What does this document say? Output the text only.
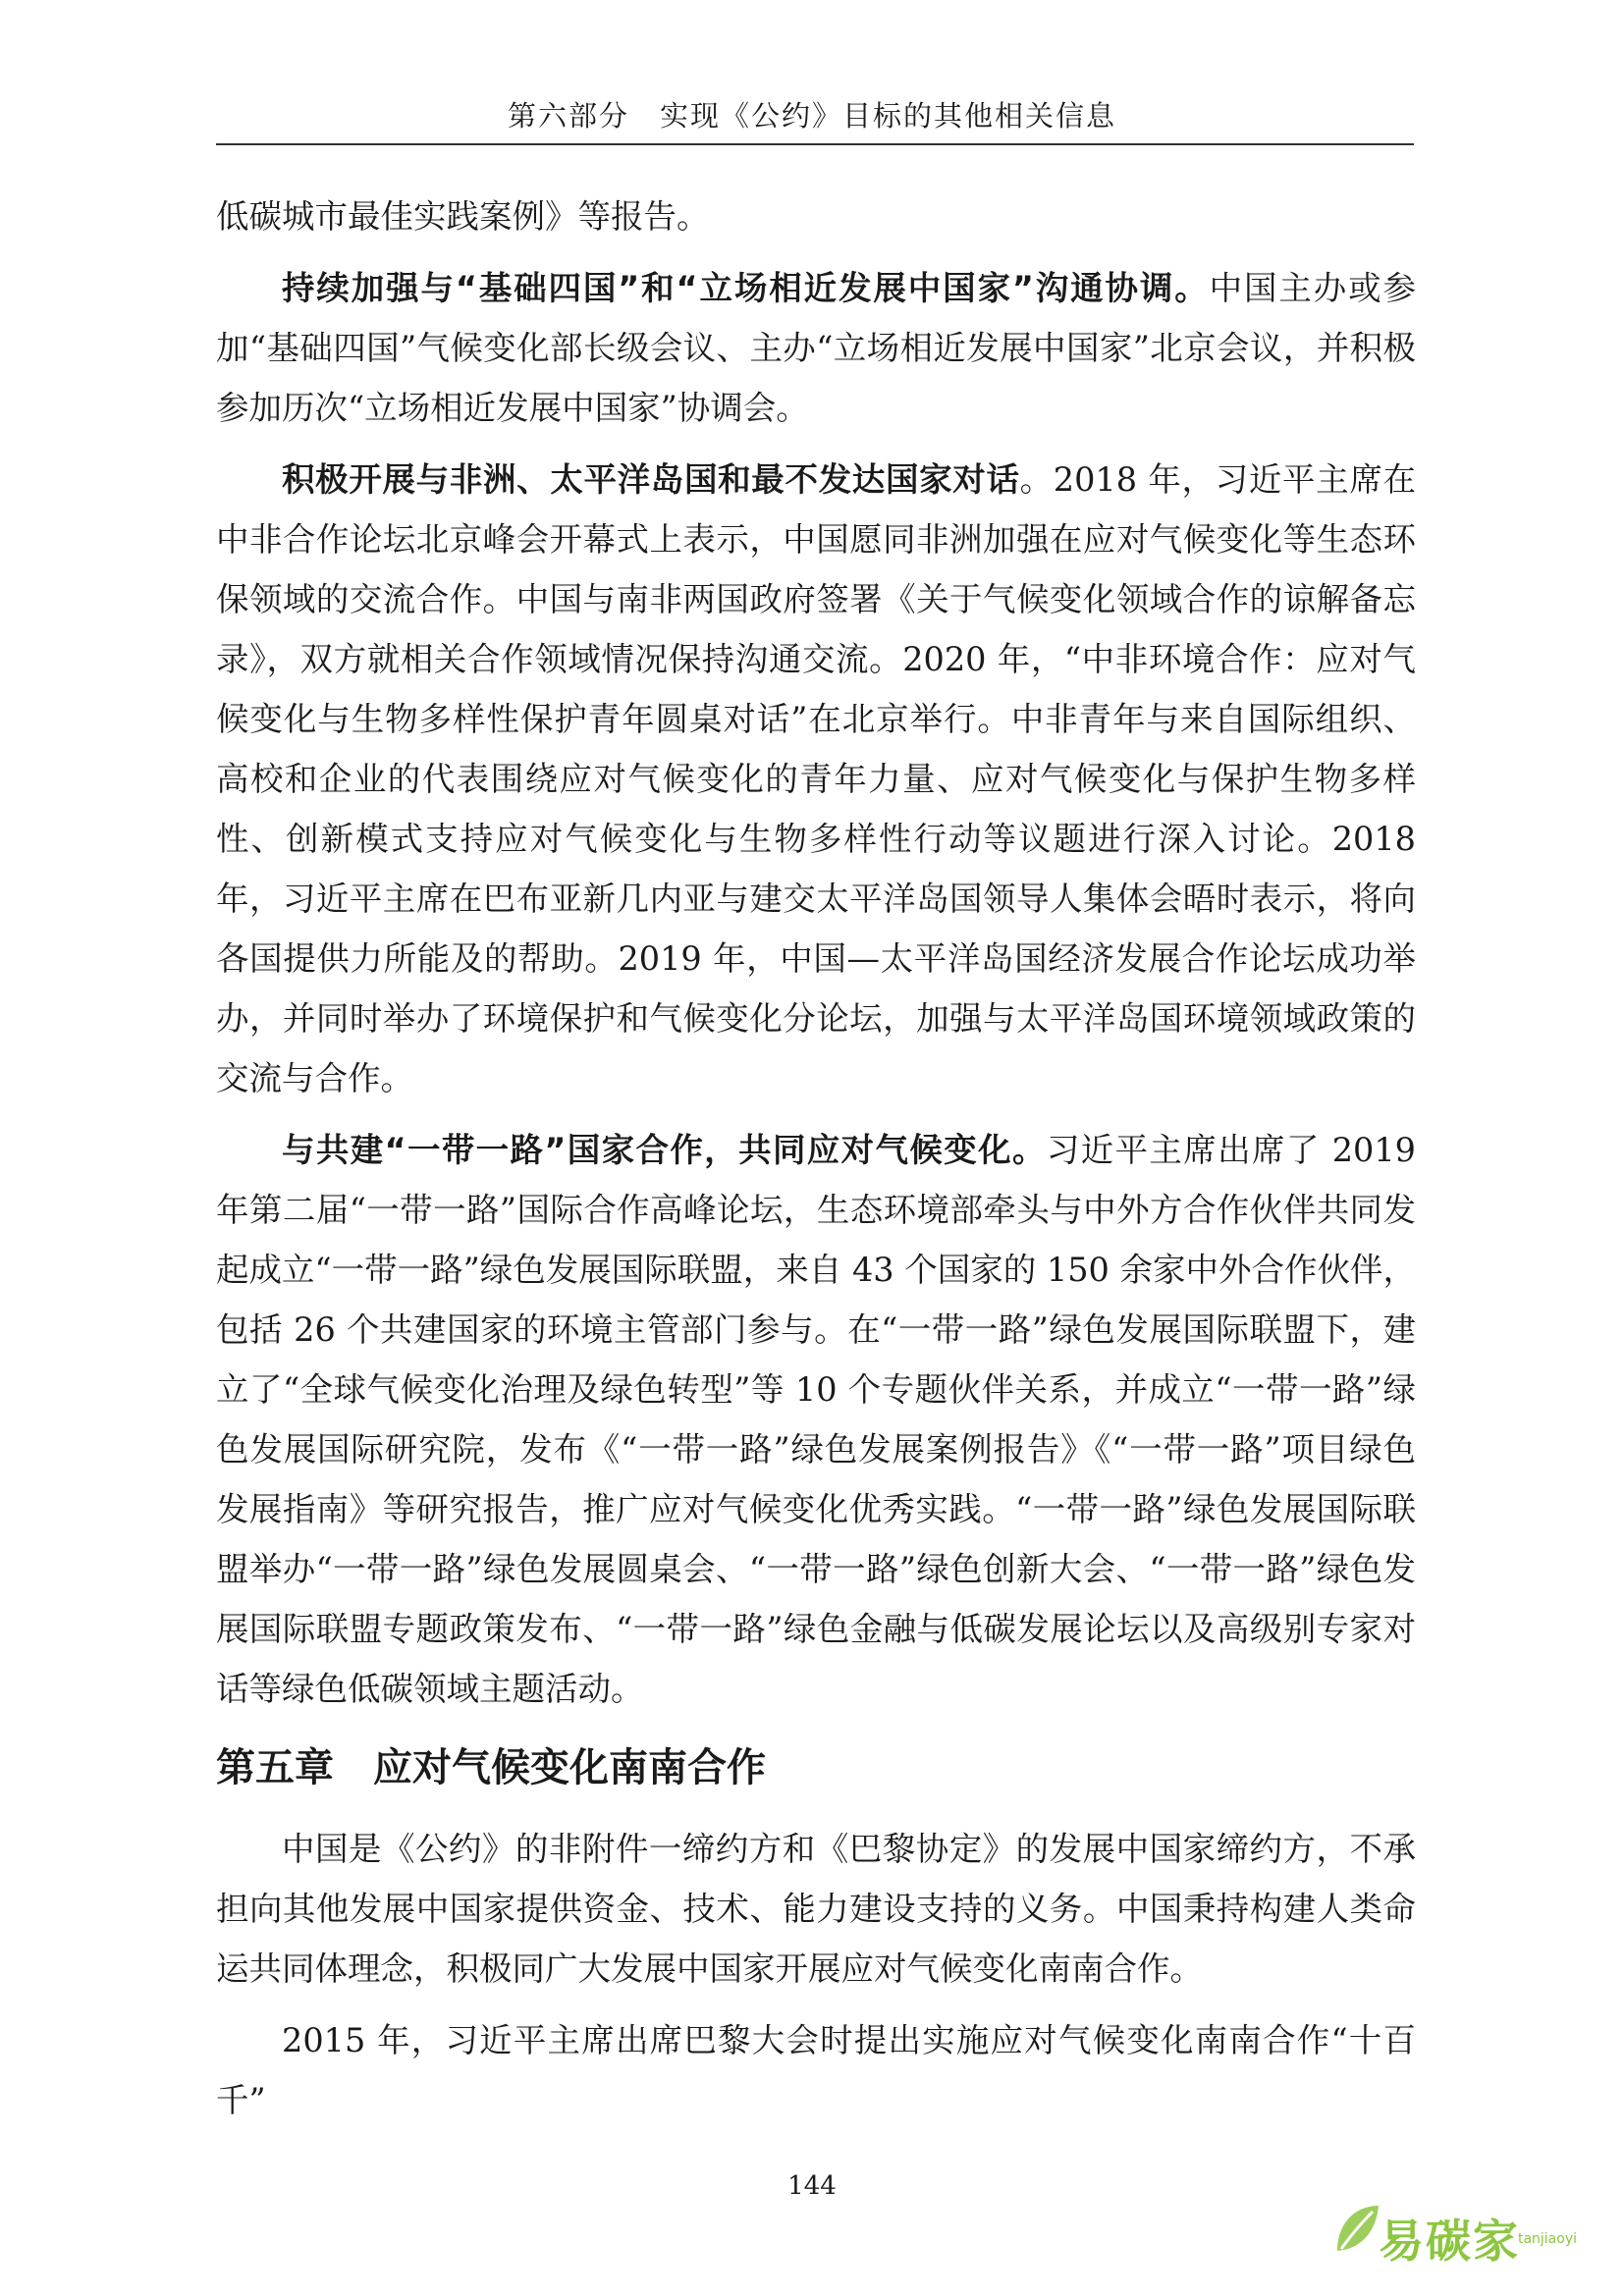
第六部分　实现《公约》目标的其他相关信息

低碳城市最佳实践案例》等报告。

持续加强与“基础四国”和“立场相近发展中国家”沟通协调。中国主办或参加“基础四国”气候变化部长级会议、主办“立场相近发展中国家”北京会议，并积极参加历次“立场相近发展中国家”协调会。

积极开展与非洲、太平洋岛国和最不发达国家对话。2018 年，习近平主席在中非合作论坛北京峰会开幕式上表示，中国愿同非洲加强在应对气候变化等生态环保领域的交流合作。中国与南非两国政府签署《关于气候变化领域合作的谅解备忘录》，双方就相关合作领域情况保持沟通交流。2020 年，“中非环境合作：应对气候变化与生物多样性保护青年圆桌对话”在北京举行。中非青年与来自国际组织、高校和企业的代表围绕应对气候变化的青年力量、应对气候变化与保护生物多样性、创新模式支持应对气候变化与生物多样性行动等议题进行深入讨论。2018 年，习近平主席在巴布亚新几内亚与建交太平洋岛国领导人集体会晤时表示，将向各国提供力所能及的帮助。2019 年，中国—太平洋岛国经济发展合作论坛成功举办，并同时举办了环境保护和气候变化分论坛，加强与太平洋岛国环境领域政策的交流与合作。

与共建“一带一路”国家合作，共同应对气候变化。习近平主席出席了 2019 年第二届“一带一路”国际合作高峰论坛，生态环境部牵头与中外方合作伙伴共同发起成立“一带一路”绿色发展国际联盟，来自 43 个国家的 150 余家中外合作伙伴，包括 26 个共建国家的环境主管部门参与。在“一带一路”绿色发展国际联盟下，建立了“全球气候变化治理及绿色转型”等 10 个专题伙伴关系，并成立“一带一路”绿色发展国际研究院，发布《“一带一路”绿色发展案例报告》《“一带一路”项目绿色发展指南》等研究报告，推广应对气候变化优秀实践。“一带一路”绿色发展国际联盟举办“一带一路”绿色发展圆桌会、“一带一路”绿色创新大会、“一带一路”绿色发展国际联盟专题政策发布、“一带一路”绿色金融与低碳发展论坛以及高级别专家对话等绿色低碳领域主题活动。

第五章　应对气候变化南南合作

中国是《公约》的非附件一缔约方和《巴黎协定》的发展中国家缔约方，不承担向其他发展中国家提供资金、技术、能力建设支持的义务。中国秉持构建人类命运共同体理念，积极同广大发展中国家开展应对气候变化南南合作。

2015 年，习近平主席出席巴黎大会时提出实施应对气候变化南南合作“十百千”

144
易碳家
tanjiaoyi
